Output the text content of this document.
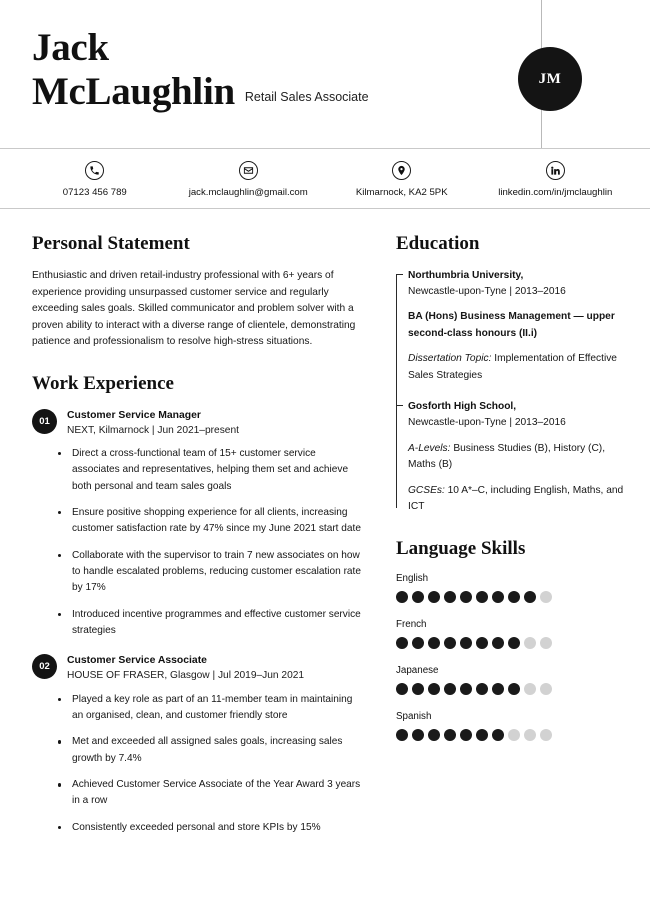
Jack
McLaughlin Retail Sales Associate
JM
07123 456 789	jack.mclaughlin@gmail.com	Kilmarnock, KA2 5PK	linkedin.com/in/jmclaughlin
Personal Statement

Enthusiastic and driven retail-industry professional with 6+ years of experience providing unsurpassed customer service and regularly exceeding sales goals. Skilled communicator and problem solver with a proven ability to interact with a diverse range of clientele, demonstrating patience and professionalism to resolve high-stress situations.

Work Experience
01
Customer Service Manager
NEXT, Kilmarnock | Jun 2021–present
Direct a cross-functional team of 15+ customer service associates and representatives, helping them set and achieve both personal and team sales goals
Ensure positive shopping experience for all clients, increasing customer satisfaction rate by 47% since my June 2021 start date
Collaborate with the supervisor to train 7 new associates on how to handle escalated problems, reducing customer escalation rate by 17%
Introduced incentive programmes and effective customer service strategies
02
Customer Service Associate
HOUSE OF FRASER, Glasgow | Jul 2019–Jun 2021
Played a key role as part of an 11-member team in maintaining an organised, clean, and customer friendly store
Met and exceeded all assigned sales goals, increasing sales growth by 7.4%
Achieved Customer Service Associate of the Year Award 3 years in a row
Consistently exceeded personal and store KPIs by 15%
Education
Northumbria University,
Newcastle-upon-Tyne | 2013–2016
BA (Hons) Business Management — upper second-class honours (II.i)
Dissertation Topic: Implementation of Effective Sales Strategies
Gosforth High School,
Newcastle-upon-Tyne | 2013–2016
A-Levels: Business Studies (B), History (C), Maths (B)
GCSEs: 10 A*–C, including English, Maths, and ICT
Language Skills
English
French
Japanese
Spanish
